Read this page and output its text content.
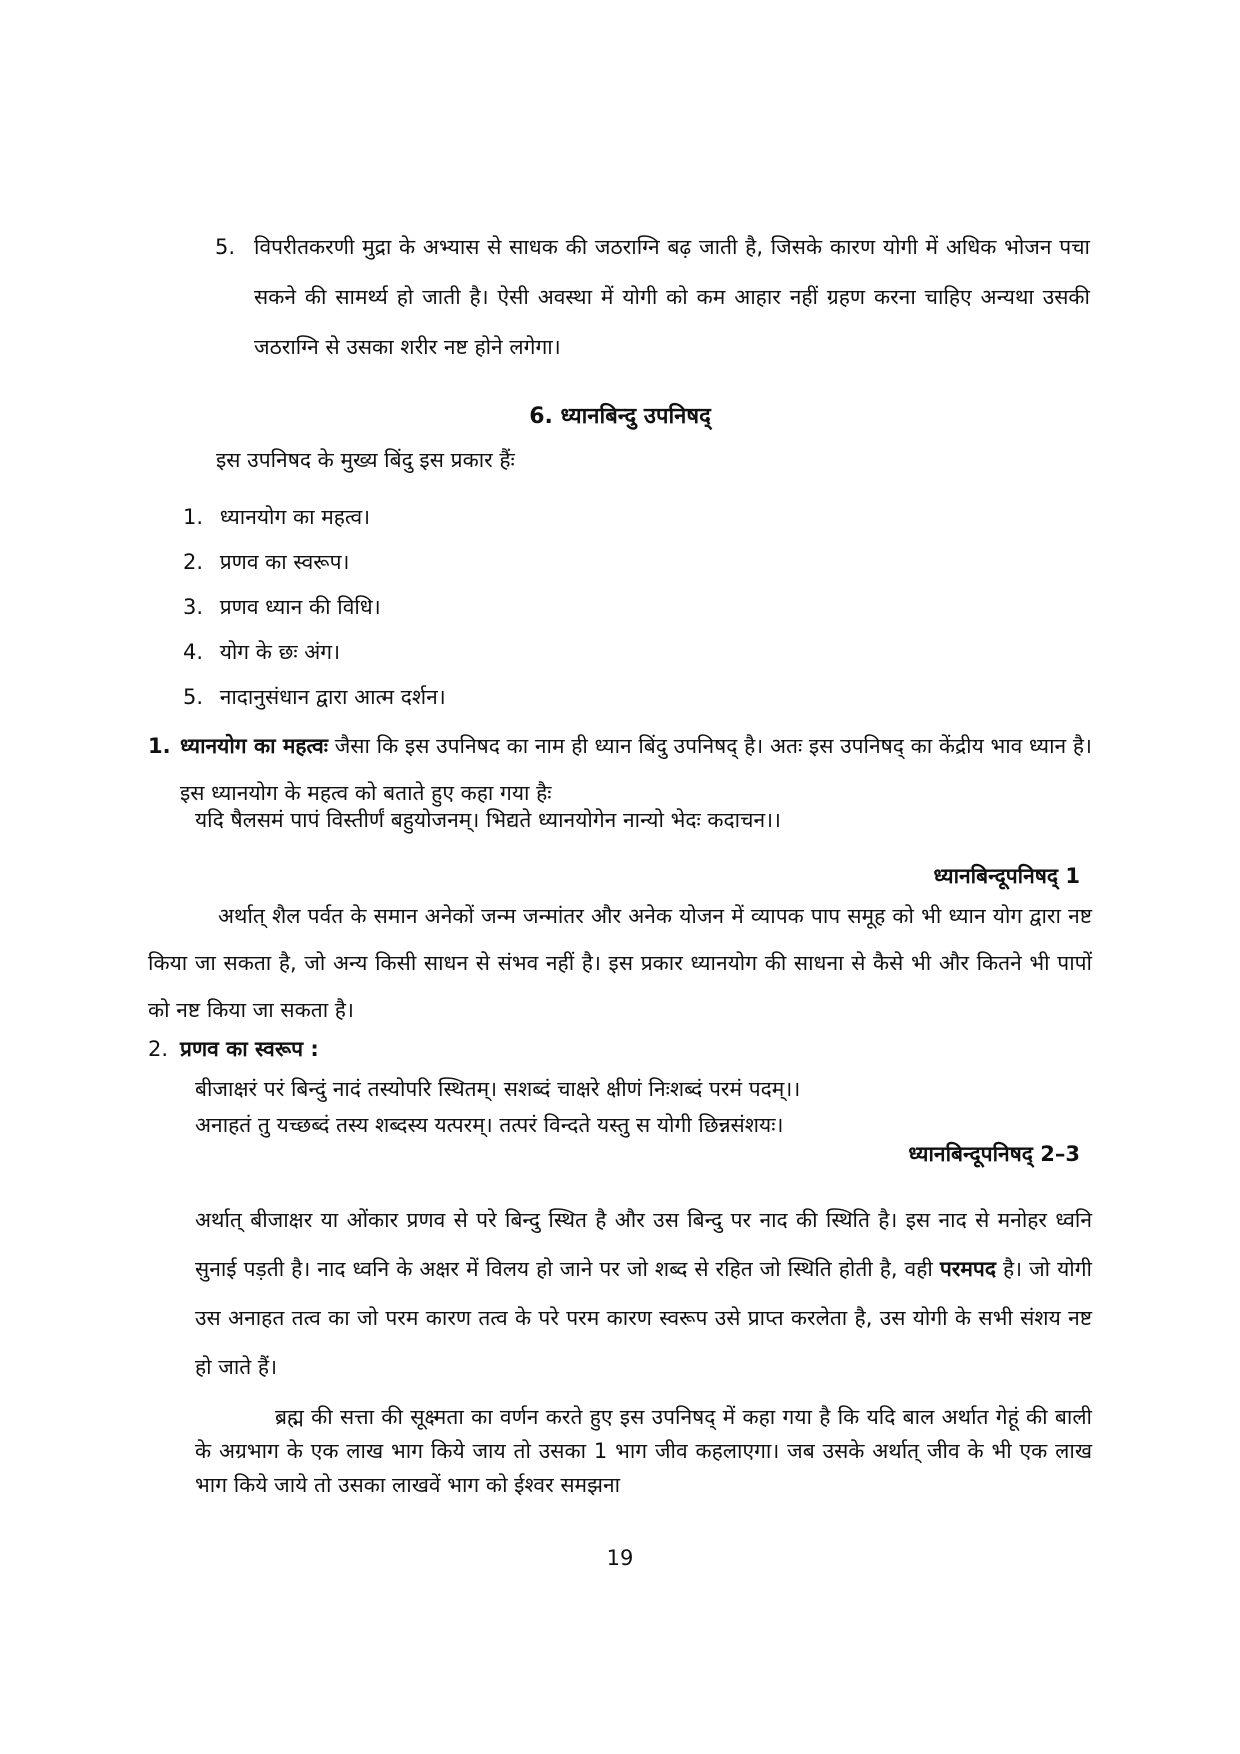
5. विपरीतकरणी मुद्रा के अभ्यास से साधक की जठराग्नि बढ़ जाती है, जिसके कारण योगी में अधिक भोजन पचा सकने की सामर्थ्य हो जाती है। ऐसी अवस्था में योगी को कम आहार नहीं ग्रहण करना चाहिए अन्यथा उसकी जठराग्नि से उसका शरीर नष्ट होने लगेगा।
6. ध्यानबिन्दु उपनिषद्
इस उपनिषद के मुख्य बिंदु इस प्रकार हैंः
1. ध्यानयोग का महत्व।
2. प्रणव का स्वरूप।
3. प्रणव ध्यान की विधि।
4. योग के छः अंग।
5. नादानुसंधान द्वारा आत्म दर्शन।
1. ध्यानयोग का महत्वः जैसा कि इस उपनिषद का नाम ही ध्यान बिंदु उपनिषद् है। अतः इस उपनिषद् का केंद्रीय भाव ध्यान है। इस ध्यानयोग के महत्व को बताते हुए कहा गया हैः
यदि षैलसमं पापं विस्तीर्णं बहुयोजनम्। भिद्यते ध्यानयोगेन नान्यो भेदः कदाचन।।
ध्यानबिन्दूपनिषद् 1
अर्थात् शैल पर्वत के समान अनेकों जन्म जन्मांतर और अनेक योजन में व्यापक पाप समूह को भी ध्यान योग द्वारा नष्ट किया जा सकता है, जो अन्य किसी साधन से संभव नहीं है। इस प्रकार ध्यानयोग की साधना से कैसे भी और कितने भी पापों को नष्ट किया जा सकता है।
2. प्रणव का स्वरूप :
बीजाक्षरं परं बिन्दुं नादं तस्योपरि स्थितम्। सशब्दं चाक्षरे क्षीणं निःशब्दं परमं पदम्।।
अनाहतं तु यच्छब्दं तस्य शब्दस्य यत्परम्। तत्परं विन्दते यस्तु स योगी छिन्नसंशयः।
ध्यानबिन्दूपनिषद् 2–3
अर्थात् बीजाक्षर या ओंकार प्रणव से परे बिन्दु स्थित है और उस बिन्दु पर नाद की स्थिति है। इस नाद से मनोहर ध्वनि सुनाई पड़ती है। नाद ध्वनि के अक्षर में विलय हो जाने पर जो शब्द से रहित जो स्थिति होती है, वही परमपद है। जो योगी उस अनाहत तत्व का जो परम कारण तत्व के परे परम कारण स्वरूप उसे प्राप्त करलेता है, उस योगी के सभी संशय नष्ट हो जाते हैं।
ब्रह्म की सत्ता की सूक्ष्मता का वर्णन करते हुए इस उपनिषद् में कहा गया है कि यदि बाल अर्थात गेहूं की बाली के अग्रभाग के एक लाख भाग किये जाय तो उसका 1 भाग जीव कहलाएगा। जब उसके अर्थात् जीव के भी एक लाख भाग किये जाये तो उसका लाखवें भाग को ईश्वर समझना
19
